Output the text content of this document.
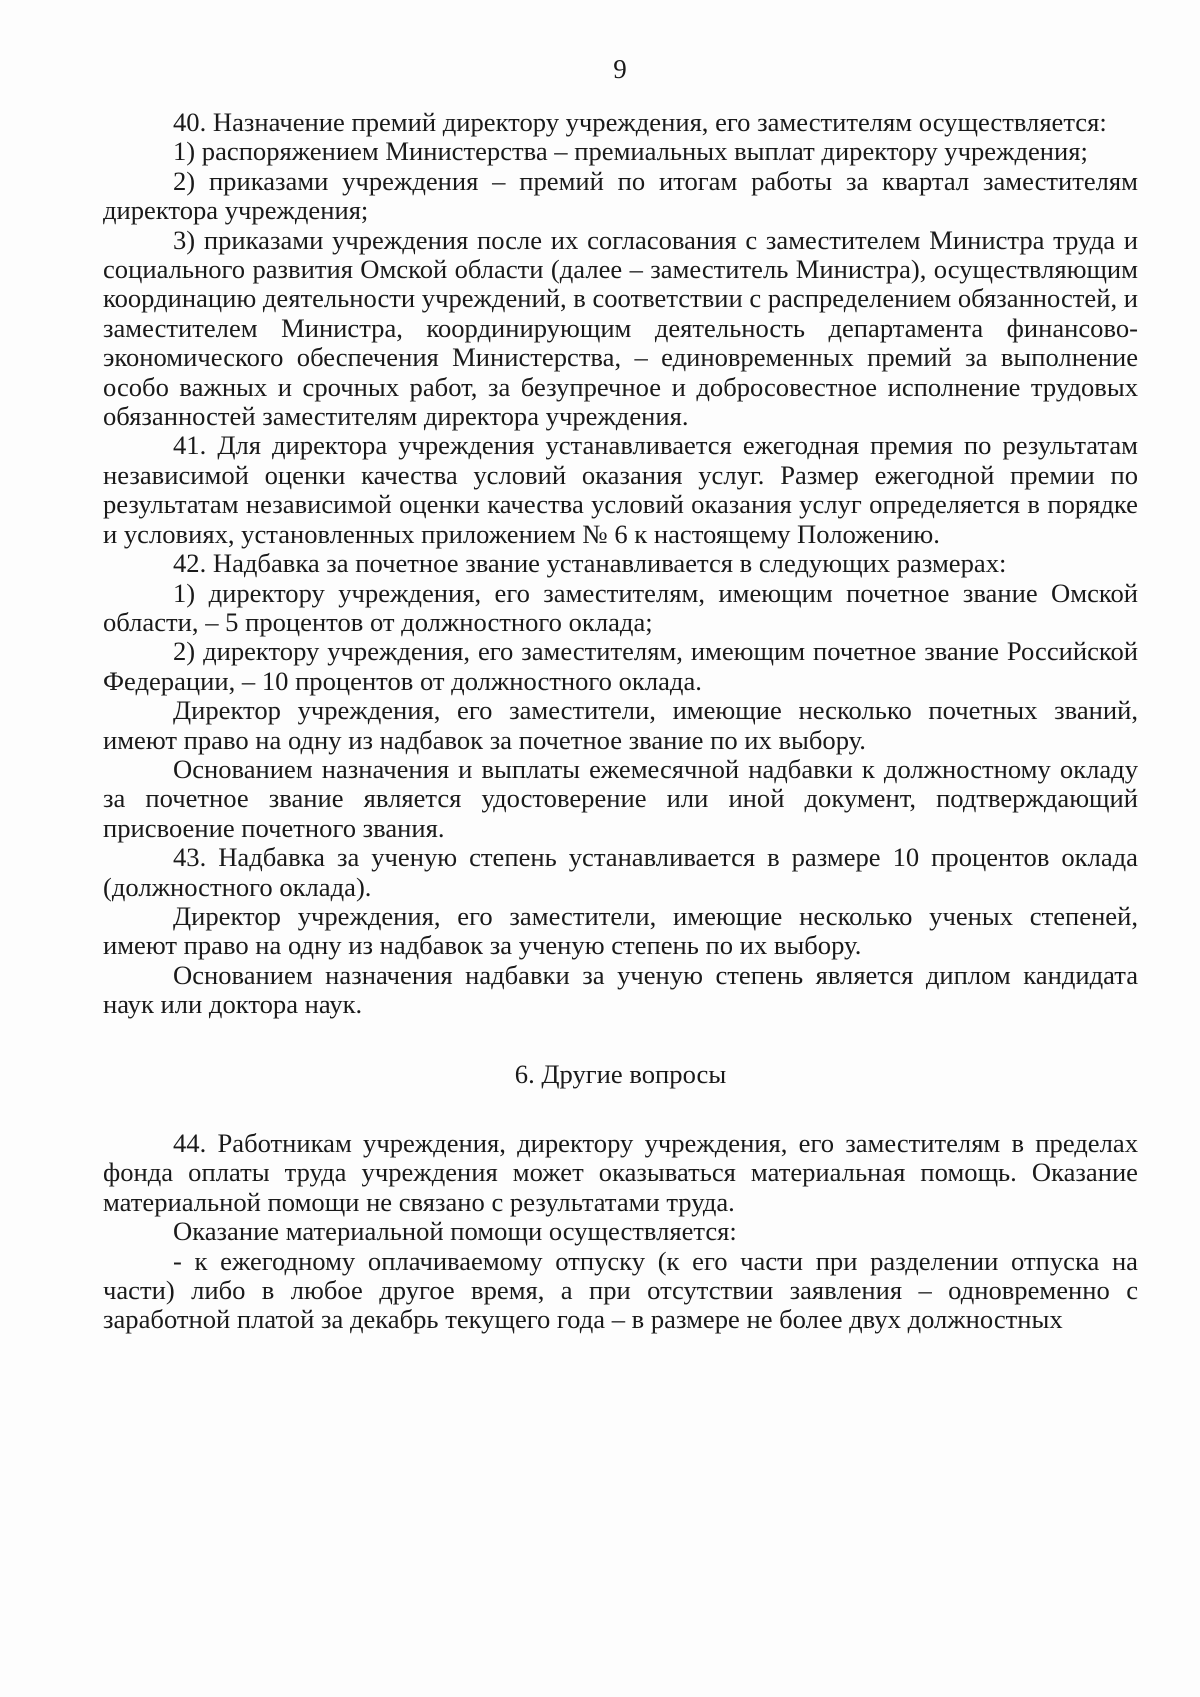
9

40. Назначение премий директору учреждения, его заместителям осуществляется:

1) распоряжением Министерства – премиальных выплат директору учреждения;

2) приказами учреждения – премий по итогам работы за квартал заместителям директора учреждения;

3) приказами учреждения после их согласования с заместителем Министра труда и социального развития Омской области (далее – заместитель Министра), осуществляющим координацию деятельности учреждений, в соответствии с распределением обязанностей, и заместителем Министра, координирующим деятельность департамента финансово-экономического обеспечения Министерства, – единовременных премий за выполнение особо важных и срочных работ, за безупречное и добросовестное исполнение трудовых обязанностей заместителям директора учреждения.

41. Для директора учреждения устанавливается ежегодная премия по результатам независимой оценки качества условий оказания услуг. Размер ежегодной премии по результатам независимой оценки качества условий оказания услуг определяется в порядке и условиях, установленных приложением № 6 к настоящему Положению.

42. Надбавка за почетное звание устанавливается в следующих размерах:

1) директору учреждения, его заместителям, имеющим почетное звание Омской области, – 5 процентов от должностного оклада;

2) директору учреждения, его заместителям, имеющим почетное звание Российской Федерации, – 10 процентов от должностного оклада.

Директор учреждения, его заместители, имеющие несколько почетных званий, имеют право на одну из надбавок за почетное звание по их выбору.

Основанием назначения и выплаты ежемесячной надбавки к должностному окладу за почетное звание является удостоверение или иной документ, подтверждающий присвоение почетного звания.

43. Надбавка за ученую степень устанавливается в размере 10 процентов оклада (должностного оклада).

Директор учреждения, его заместители, имеющие несколько ученых степеней, имеют право на одну из надбавок за ученую степень по их выбору.

Основанием назначения надбавки за ученую степень является диплом кандидата наук или доктора наук.

6. Другие вопросы

44. Работникам учреждения, директору учреждения, его заместителям в пределах фонда оплаты труда учреждения может оказываться материальная помощь. Оказание материальной помощи не связано с результатами труда.

Оказание материальной помощи осуществляется:

- к ежегодному оплачиваемому отпуску (к его части при разделении отпуска на части) либо в любое другое время, а при отсутствии заявления – одновременно с заработной платой за декабрь текущего года – в размере не более двух должностных
